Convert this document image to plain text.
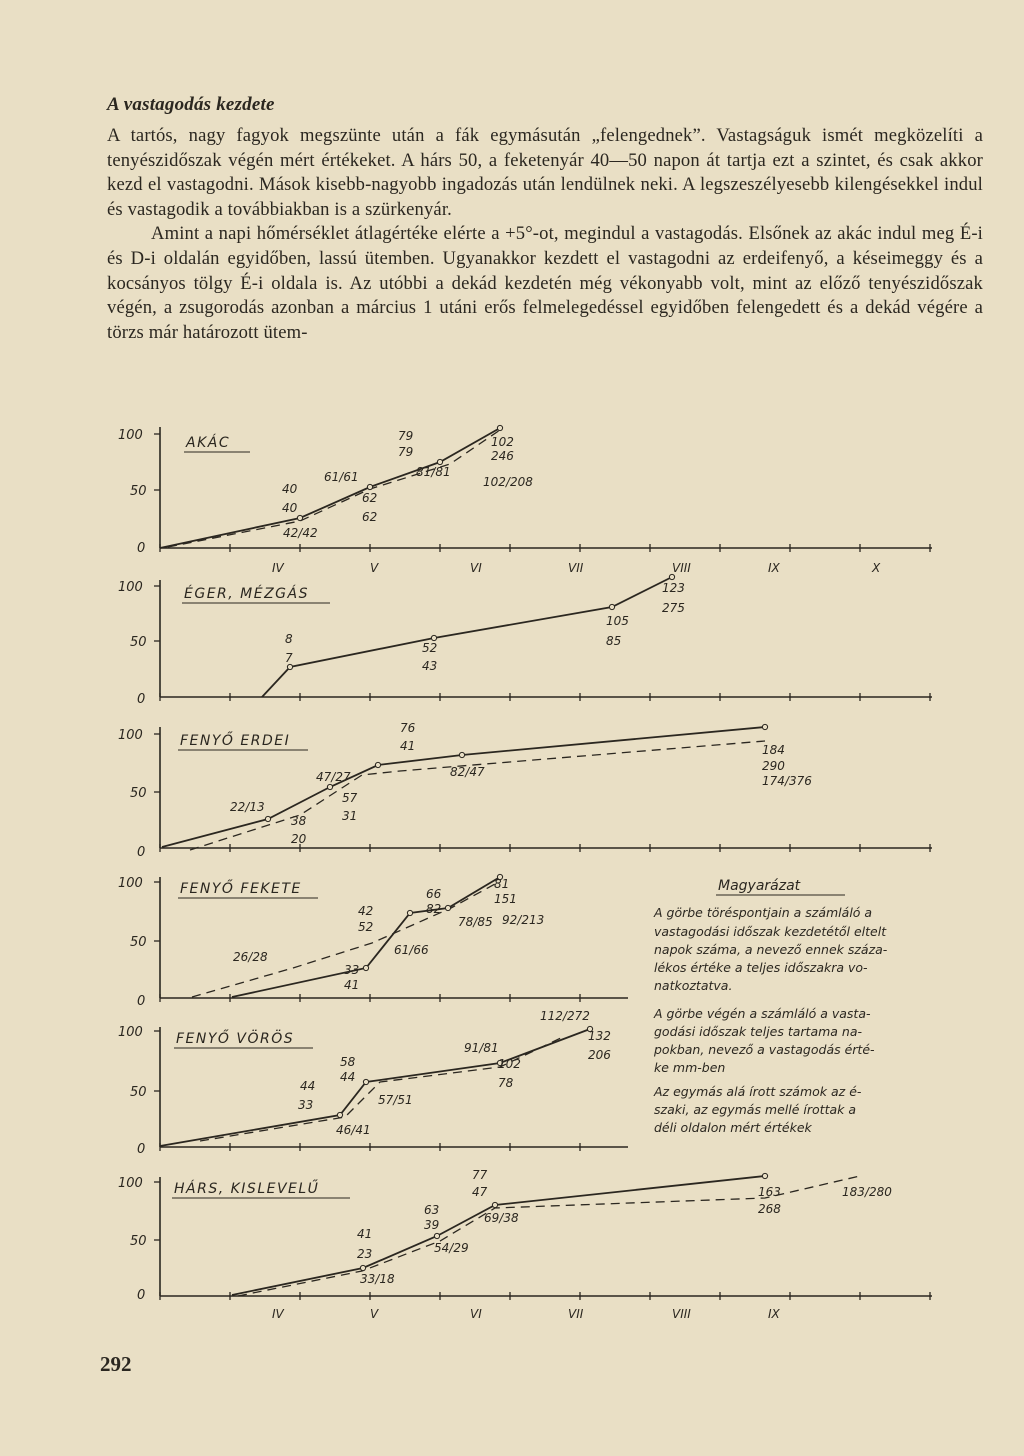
A vastagodás kezdete

A tartós, nagy fagyok megszünte után a fák egymásután „felengednek”. Vastagságuk ismét megközelíti a tenyészidőszak végén mért értékeket. A hárs 50, a feketenyár 40—50 napon át tartja ezt a szintet, és csak akkor kezd el vastagodni. Mások kisebb-nagyobb ingadozás után lendülnek neki. A legszeszélyesebb kilengésekkel indul és vastagodik a továbbiakban is a szürkenyár.

Amint a napi hőmérséklet átlagértéke elérte a +5°-ot, megindul a vastagodás. Elsőnek az akác indul meg É-i és D-i oldalán egyidőben, lassú ütemben. Ugyanakkor kezdett el vastagodni az erdeifenyő, a késeimeggy és a kocsányos tölgy É-i oldala is. Az utóbbi a dekád kezdetén még vékonyabb volt, mint az előző tenyészidőszak végén, a zsugorodás azonban a március 1 utáni erős felmelegedéssel egyidőben felengedett és a dekád végére a törzs már határozott ütem-

100
50
0
AKÁC
40
40
42/42
61/61
62
62
79
79
81/81
102
246
102/208
100
50
0
ÉGER, MÉZGÁS
8
7
52
43
105
85
123
275
100
50
0
FENYŐ ERDEI
22/13
38
20
47/27
57
31
76
41
82/47
184
290
174/376
100
50
0
FENYŐ FEKETE
26/28
33
41
42
52
61/66
66
82
78/85
81
151
92/213
100
50
0
FENYŐ VÖRÖS
44
33
46/41
58
44
57/51
91/81
102
78
112/272
132
206
100
50
0
HÁRS, KISLEVELŰ
41
23
33/18
63
39
54/29
77
47
69/38
163
268
183/280
IV
IV
V
V
VI
VI
VII
VII
VIII
VIII
IX
IX
X
Magyarázat
A görbe töréspontjain a számláló a
vastagodási időszak kezdetétől eltelt
napok száma, a nevező ennek száza-
lékos értéke a teljes időszakra vo-
natkoztatva.
A görbe végén a számláló a vasta-
godási időszak teljes tartama na-
pokban, nevező a vastagodás érté-
ke mm-ben
Az egymás alá írott számok az é-
szaki, az egymás mellé írottak a
déli oldalon mért értékek
292
